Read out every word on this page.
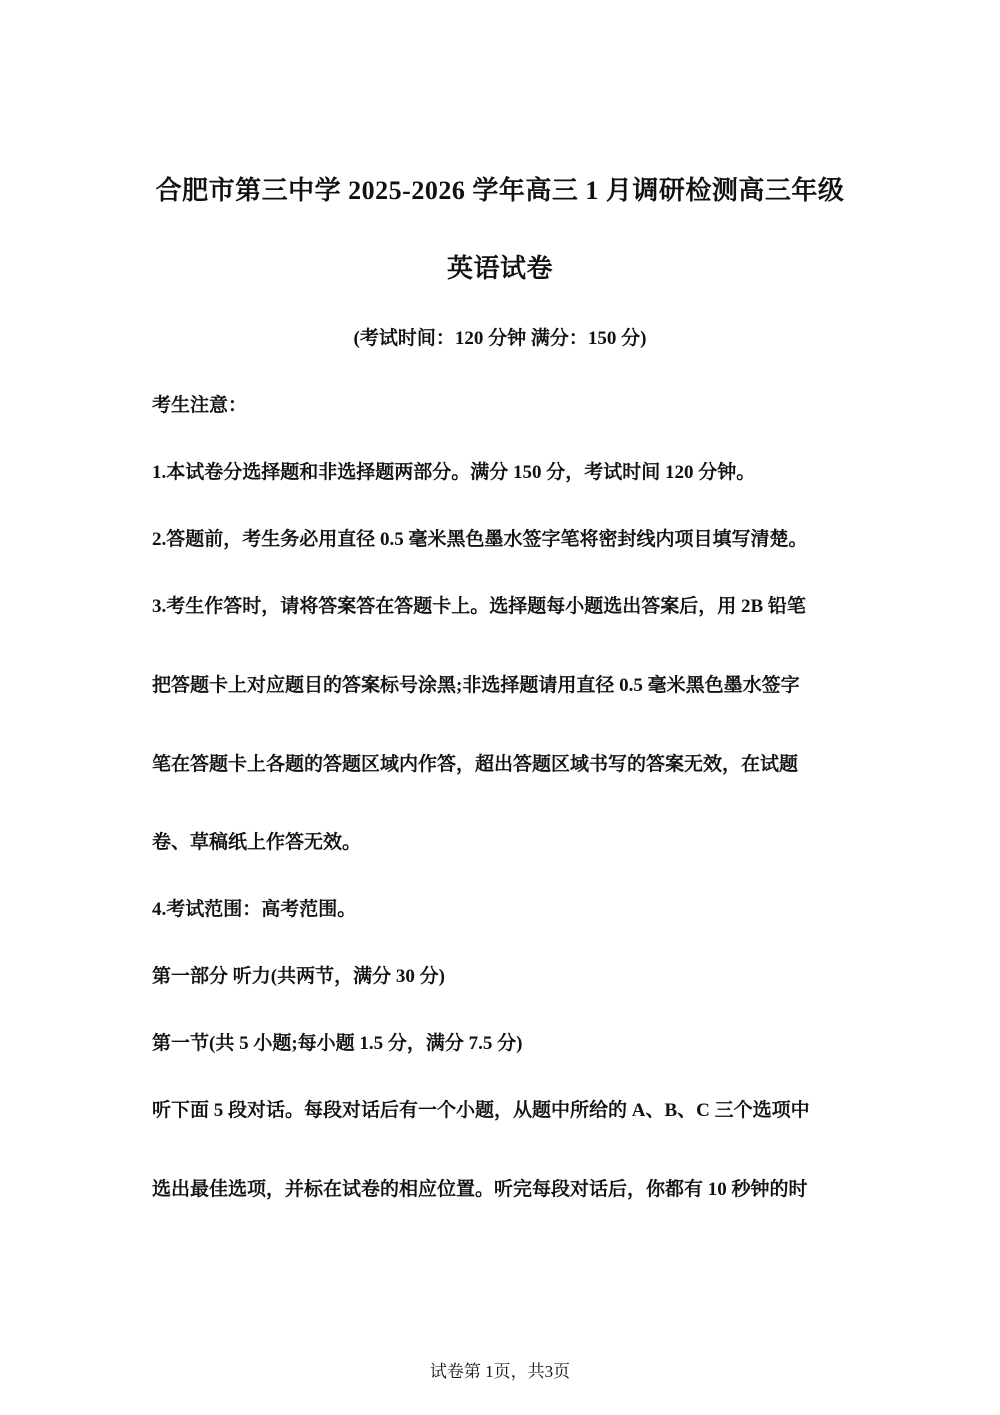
合肥市第三中学 2025-2026 学年高三 1 月调研检测高三年级
英语试卷
(考试时间：120 分钟 满分：150 分)
考生注意：
1.本试卷分选择题和非选择题两部分。满分 150 分，考试时间 120 分钟。
2.答题前，考生务必用直径 0.5 毫米黑色墨水签字笔将密封线内项目填写清楚。
3.考生作答时，请将答案答在答题卡上。选择题每小题选出答案后，用 2B 铅笔
把答题卡上对应题目的答案标号涂黑;非选择题请用直径 0.5 毫米黑色墨水签字
笔在答题卡上各题的答题区域内作答，超出答题区域书写的答案无效，在试题
卷、草稿纸上作答无效。
4.考试范围：高考范围。
第一部分 听力(共两节，满分 30 分)
第一节(共 5 小题;每小题 1.5 分，满分 7.5 分)
听下面 5 段对话。每段对话后有一个小题，从题中所给的 A、B、C 三个选项中
选出最佳选项，并标在试卷的相应位置。听完每段对话后，你都有 10 秒钟的时
试卷第 1页，共3页
